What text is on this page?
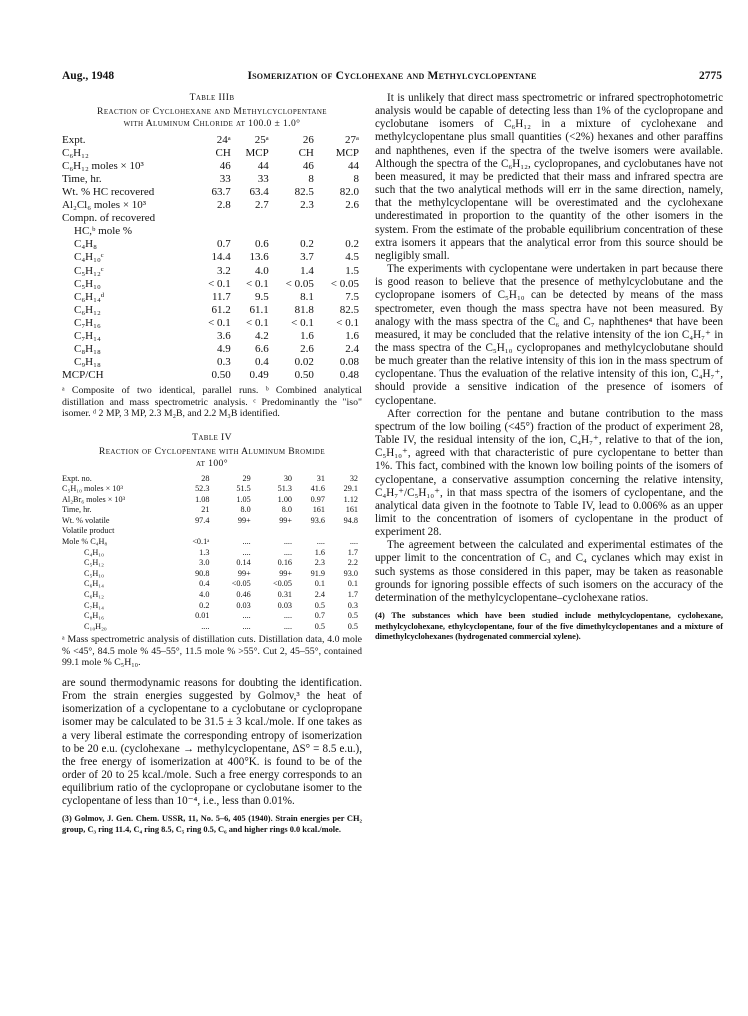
Aug., 1948	Isomerization of Cyclohexane and Methylcyclopentane	2775
Table IIIb
Reaction of Cyclohexane and Methylcyclopentane
with Aluminum Chloride at 100.0 ± 1.0°
Expt.	24ᵃ	25ᵃ	26	27ᵃ
C₆H₁₂	CH	MCP	CH	MCP
C₆H₁₂ moles × 10³	46	44	46	44
Time, hr.	33	33	8	8
Wt. % HC recovered	63.7	63.4	82.5	82.0
Al₂Cl₆ moles × 10³	2.8	2.7	2.3	2.6
Compn. of recovered				
HC,ᵇ mole %				
C₄H₈	0.7	0.6	0.2	0.2
C₄H₁₀ᶜ	14.4	13.6	3.7	4.5
C₅H₁₂ᶜ	3.2	4.0	1.4	1.5
C₅H₁₀	< 0.1	< 0.1	< 0.05	< 0.05
C₆H₁₄ᵈ	11.7	9.5	8.1	7.5
C₆H₁₂	61.2	61.1	81.8	82.5
C₇H₁₆	< 0.1	< 0.1	< 0.1	< 0.1
C₇H₁₄	3.6	4.2	1.6	1.6
C₈H₁₈	4.9	6.6	2.6	2.4
C₉H₁₈	0.3	0.4	0.02	0.08
MCP/CH	0.50	0.49	0.50	0.48
ᵃ Composite of two identical, parallel runs. ᵇ Combined analytical distillation and mass spectrometric analysis. ᶜ Predominantly the "iso" isomer. ᵈ 2 MP, 3 MP, 2.3 M₂B, and 2.2 M₃B identified.
Table IV
Reaction of Cyclopentane with Aluminum Bromide
at 100°
Expt. no.	28	29	30	31	32
C₅H₁₀ moles × 10³	52.3	51.5	51.3	41.6	29.1
Al₂Br₆ moles × 10³	1.08	1.05	1.00	0.97	1.12
Time, hr.	21	8.0	8.0	161	161
Wt. % volatile	97.4	99+	99+	93.6	94.8
Volatile product					
Mole % C₄H₈	<0.1ᵃ	....	....	....	....
C₄H₁₀	1.3	....	....	1.6	1.7
C₅H₁₂	3.0	0.14	0.16	2.3	2.2
C₅H₁₀	90.8	99+	99+	91.9	93.0
C₆H₁₄	0.4	<0.05	<0.05	0.1	0.1
C₆H₁₂	4.0	0.46	0.31	2.4	1.7
C₇H₁₄	0.2	0.03	0.03	0.5	0.3
C₈H₁₆	0.01	....	....	0.7	0.5
C₁₀H₂₀	....	....	....	0.5	0.5
ᵃ Mass spectrometric analysis of distillation cuts. Distillation data, 4.0 mole % <45°, 84.5 mole % 45–55°, 11.5 mole % >55°. Cut 2, 45–55°, contained 99.1 mole % C₅H₁₀.

are sound thermodynamic reasons for doubting the identification. From the strain energies suggested by Golmov,³ the heat of isomerization of a cyclopentane to a cyclobutane or cyclopropane isomer may be calculated to be 31.5 ± 3 kcal./mole. If one takes as a very liberal estimate the corresponding entropy of isomerization to be 20 e.u. (cyclohexane → methylcyclopentane, ΔS° = 8.5 e.u.), the free energy of isomerization at 400°K. is found to be of the order of 20 to 25 kcal./mole. Such a free energy corresponds to an equilibrium ratio of the cyclopropane or cyclobutane isomer to the cyclopentane of less than 10⁻⁴, i.e., less than 0.01%.

(3) Golmov, J. Gen. Chem. USSR, 11, No. 5–6, 405 (1940). Strain energies per CH₂ group, C₃ ring 11.4, C₄ ring 8.5, C₅ ring 0.5, C₆ and higher rings 0.0 kcal./mole.

It is unlikely that direct mass spectrometric or infrared spectrophotometric analysis would be capable of detecting less than 1% of the cyclopropane and cyclobutane isomers of C₆H₁₂ in a mixture of cyclohexane and methylcyclopentane plus small quantities (<2%) hexanes and other paraffins and naphthenes, even if the spectra of the twelve isomers were available. Although the spectra of the C₆H₁₂, cyclopropanes, and cyclobutanes have not been measured, it may be predicted that their mass and infrared spectra are such that the two analytical methods will err in the same direction, namely, that the methylcyclopentane will be overestimated and the cyclohexane underestimated in proportion to the quantity of the other isomers in the system. From the estimate of the probable equilibrium concentration of these extra isomers it appears that the analytical error from this source should be negligibly small.

The experiments with cyclopentane were undertaken in part because there is good reason to believe that the presence of methylcyclobutane and the cyclopropane isomers of C₅H₁₀ can be detected by means of the mass spectrometer, even though the mass spectra have not been measured. By analogy with the mass spectra of the C₆ and C₇ naphthenes⁴ that have been measured, it may be concluded that the relative intensity of the ion C₄H₇⁺ in the mass spectra of the C₅H₁₀ cyclopropanes and methylcyclobutane should be much greater than the relative intensity of this ion in the mass spectrum of cyclopentane. Thus the evaluation of the relative intensity of this ion, C₄H₇⁺, should provide a sensitive indication of the presence of isomers of cyclopentane.

After correction for the pentane and butane contribution to the mass spectrum of the low boiling (<45°) fraction of the product of experiment 28, Table IV, the residual intensity of the ion, C₄H₇⁺, relative to that of the ion, C₅H₁₀⁺, agreed with that characteristic of pure cyclopentane to better than 1%. This fact, combined with the known low boiling points of the isomers of cyclopentane, a conservative assumption concerning the relative intensity, C₄H₇⁺/C₅H₁₀⁺, in that mass spectra of the isomers of cyclopentane, and the analytical data given in the footnote to Table IV, lead to 0.006% as an upper limit to the concentration of isomers of cyclopentane in the product of experiment 28.

The agreement between the calculated and experimental estimates of the upper limit to the concentration of C₃ and C₄ cyclanes which may exist in such systems as those considered in this paper, may be taken as reasonable grounds for ignoring possible effects of such isomers on the accuracy of the determination of the methylcyclopentane–cyclohexane ratios.

(4) The substances which have been studied include methylcyclopentane, cyclohexane, methylcyclohexane, ethylcyclopentane, four of the five dimethylcyclopentanes and a mixture of dimethylcyclohexanes (hydrogenated commercial xylene).
